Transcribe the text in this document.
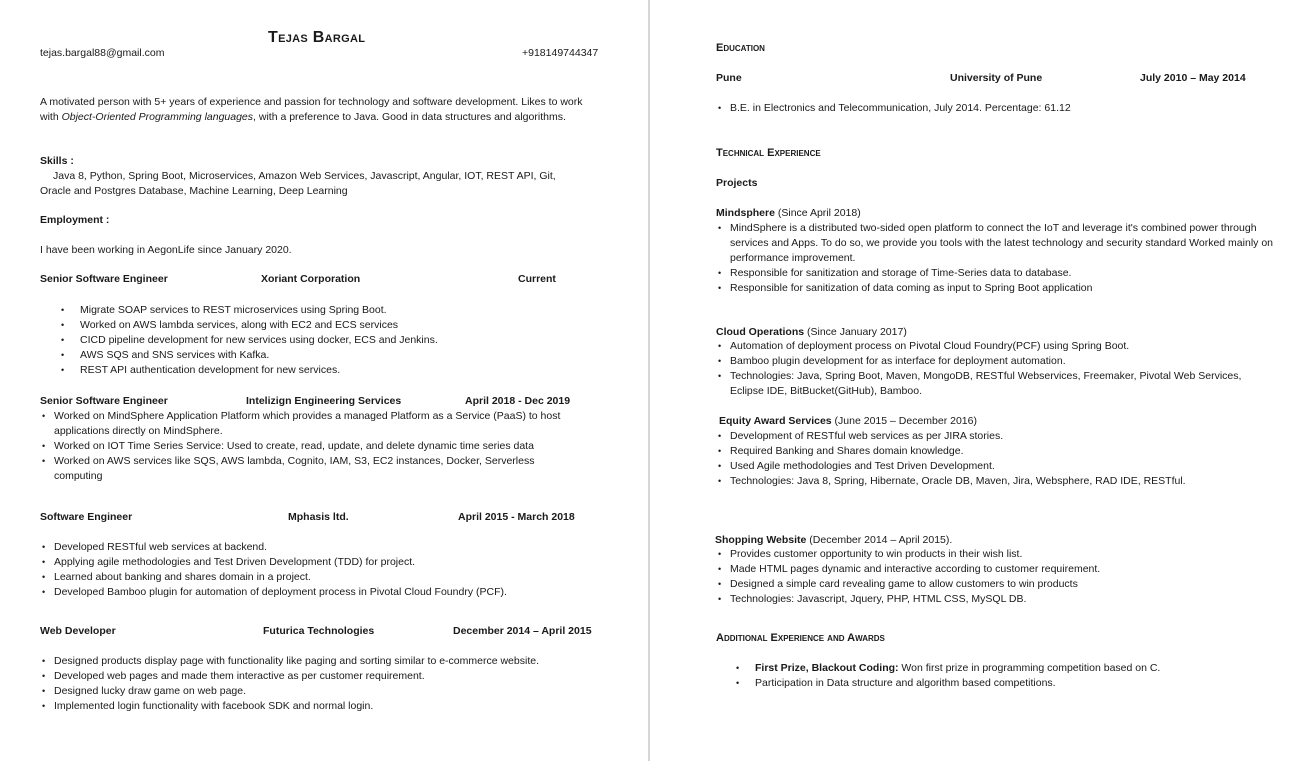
Tejas Bargal
tejas.bargal88@gmail.com	+918149744347
A motivated person with 5+ years of experience and passion for technology and software development. Likes to work with Object-Oriented Programming languages, with a preference to Java. Good in data structures and algorithms.
Skills :
Java 8, Python, Spring Boot, Microservices, Amazon Web Services, Javascript, Angular, IOT, REST API, Git, Oracle and Postgres Database, Machine Learning, Deep Learning
Employment :
I have been working in AegonLife since January 2020.
Senior Software Engineer	Xoriant Corporation	Current
• Migrate SOAP services to REST microservices using Spring Boot.
• Worked on AWS lambda services, along with EC2 and ECS services
• CICD pipeline development for new services using docker, ECS and Jenkins.
• AWS SQS and SNS services with Kafka.
• REST API authentication development for new services.
Senior Software Engineer	Intelizign Engineering Services	April 2018 - Dec 2019
• Worked on MindSphere Application Platform which provides a managed Platform as a Service (PaaS) to host applications directly on MindSphere.
• Worked on IOT Time Series Service: Used to create, read, update, and delete dynamic time series data
• Worked on AWS services like SQS, AWS lambda, Cognito, IAM, S3, EC2 instances, Docker, Serverless computing
Software Engineer	Mphasis ltd.	April 2015 - March 2018
• Developed RESTful web services at backend.
• Applying agile methodologies and Test Driven Development (TDD) for project.
• Learned about banking and shares domain in a project.
• Developed Bamboo plugin for automation of deployment process in Pivotal Cloud Foundry (PCF).
Web Developer	Futurica Technologies	December 2014 – April 2015
• Designed products display page with functionality like paging and sorting similar to e-commerce website.
• Developed web pages and made them interactive as per customer requirement.
• Designed lucky draw game on web page.
• Implemented login functionality with facebook SDK and normal login.
Education
Pune	University of Pune	July 2010 – May 2014
• B.E. in Electronics and Telecommunication, July 2014. Percentage: 61.12
Technical Experience
Projects
Mindsphere (Since April 2018)
• MindSphere is a distributed two-sided open platform to connect the IoT and leverage it's combined power through services and Apps. To do so, we provide you tools with the latest technology and security standard Worked mainly on performance improvement.
• Responsible for sanitization and storage of Time-Series data to database.
• Responsible for sanitization of data coming as input to Spring Boot application
Cloud Operations (Since January 2017)
• Automation of deployment process on Pivotal Cloud Foundry(PCF) using Spring Boot.
• Bamboo plugin development for as interface for deployment automation.
• Technologies: Java, Spring Boot, Maven, MongoDB, RESTful Webservices, Freemaker, Pivotal Web Services, Eclipse IDE, BitBucket(GitHub), Bamboo.
Equity Award Services (June 2015 – December 2016)
• Development of RESTful web services as per JIRA stories.
• Required Banking and Shares domain knowledge.
• Used Agile methodologies and Test Driven Development.
• Technologies: Java 8, Spring, Hibernate, Oracle DB, Maven, Jira, Websphere, RAD IDE, RESTful.
Shopping Website (December 2014 – April 2015).
• Provides customer opportunity to win products in their wish list.
• Made HTML pages dynamic and interactive according to customer requirement.
• Designed a simple card revealing game to allow customers to win products
• Technologies: Javascript, Jquery, PHP, HTML CSS, MySQL DB.
Additional Experience and Awards
• First Prize, Blackout Coding: Won first prize in programming competition based on C.
• Participation in Data structure and algorithm based competitions.
